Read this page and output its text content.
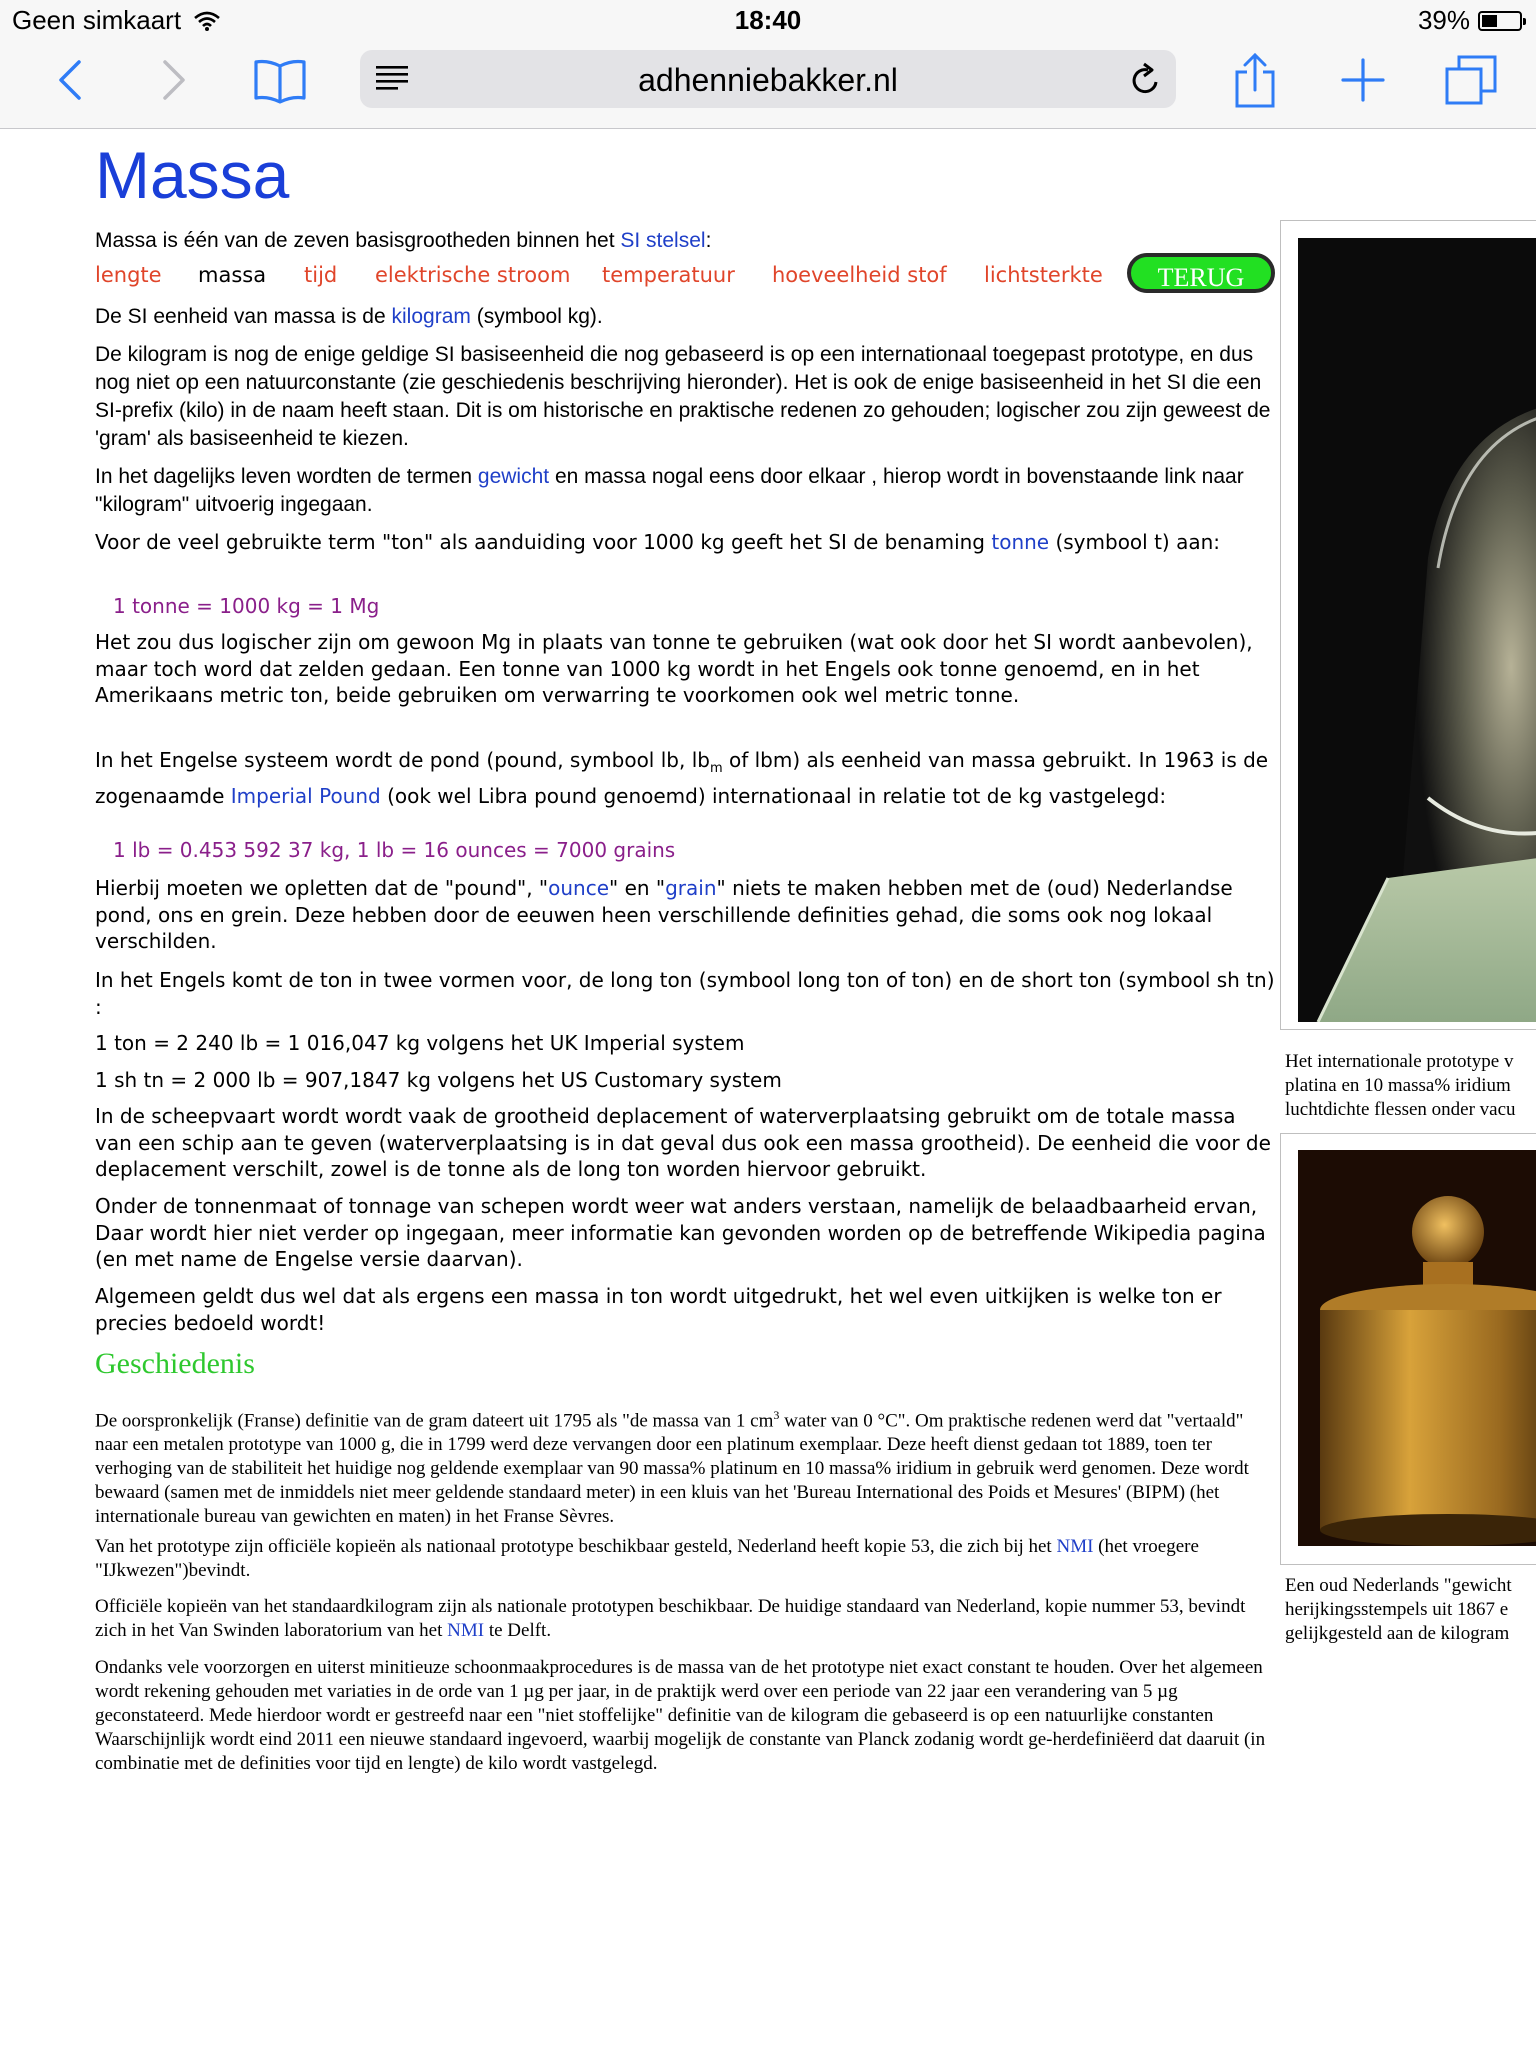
Geen simkaart	18:40	39%
adhenniebakker.nl
Massa

Massa is één van de zeven basisgrootheden binnen het SI stelsel:

lengte massa tijd elektrische stroom temperatuur hoeveelheid stof lichtsterkte	TERUG

De SI eenheid van massa is de kilogram (symbool kg).

De kilogram is nog de enige geldige SI basiseenheid die nog gebaseerd is op een internationaal toegepast prototype, en dus nog niet op een natuurconstante (zie geschiedenis beschrijving hieronder). Het is ook de enige basiseenheid in het SI die een SI-prefix (kilo) in de naam heeft staan. Dit is om historische en praktische redenen zo gehouden; logischer zou zijn geweest de 'gram' als basiseenheid te kiezen.

In het dagelijks leven wordten de termen gewicht en massa nogal eens door elkaar , hierop wordt in bovenstaande link naar "kilogram" uitvoerig ingegaan.

Voor de veel gebruikte term "ton" als aanduiding voor 1000 kg geeft het SI de benaming tonne (symbool t) aan:

1 tonne = 1000 kg = 1 Mg

Het zou dus logischer zijn om gewoon Mg in plaats van tonne te gebruiken (wat ook door het SI wordt aanbevolen), maar toch word dat zelden gedaan. Een tonne van 1000 kg wordt in het Engels ook tonne genoemd, en in het Amerikaans metric ton, beide gebruiken om verwarring te voorkomen ook wel metric tonne.

In het Engelse systeem wordt de pond (pound, symbool lb, $lb_m$ of lbm) als eenheid van massa gebruikt. In 1963 is de zogenaamde Imperial Pound (ook wel Libra pound genoemd) internationaal in relatie tot de kg vastgelegd:

1 lb = 0.453 592 37 kg, 1 lb = 16 ounces = 7000 grains

Hierbij moeten we opletten dat de "pound", "ounce" en "grain" niets te maken hebben met de (oud) Nederlandse pond, ons en grein. Deze hebben door de eeuwen heen verschillende definities gehad, die soms ook nog lokaal verschilden.

In het Engels komt de ton in twee vormen voor, de long ton (symbool long ton of ton) en de short ton (symbool sh tn) :

1 ton = 2 240 lb = 1 016,047 kg volgens het UK Imperial system

1 sh tn = 2 000 lb = 907,1847 kg volgens het US Customary system

In de scheepvaart wordt wordt vaak de grootheid deplacement of waterverplaatsing gebruikt om de totale massa van een schip aan te geven (waterverplaatsing is in dat geval dus ook een massa grootheid). De eenheid die voor de deplacement verschilt, zowel is de tonne als de long ton worden hiervoor gebruikt.

Onder de tonnenmaat of tonnage van schepen wordt weer wat anders verstaan, namelijk de belaadbaarheid ervan, Daar wordt hier niet verder op ingegaan, meer informatie kan gevonden worden op de betreffende Wikipedia pagina (en met name de Engelse versie daarvan).

Algemeen geldt dus wel dat als ergens een massa in ton wordt uitgedrukt, het wel even uitkijken is welke ton er precies bedoeld wordt!

Geschiedenis

De oorspronkelijk (Franse) definitie van de gram dateert uit 1795 als "de massa van 1 $cm^3$ water van 0 °C". Om praktische redenen werd dat "vertaald" naar een metalen prototype van 1000 g, die in 1799 werd deze vervangen door een platinum exemplaar. Deze heeft dienst gedaan tot 1889, toen ter verhoging van de stabiliteit het huidige nog geldende exemplaar van 90 massa% platinum en 10 massa% iridium in gebruik werd genomen. Deze wordt bewaard (samen met de inmiddels niet meer geldende standaard meter) in een kluis van het 'Bureau International des Poids et Mesures' (BIPM) (het internationale bureau van gewichten en maten) in het Franse Sèvres.

Van het prototype zijn officiële kopieën als nationaal prototype beschikbaar gesteld, Nederland heeft kopie 53, die zich bij het NMI (het vroegere "IJkwezen")bevindt.

Officiële kopieën van het standaardkilogram zijn als nationale prototypen beschikbaar. De huidige standaard van Nederland, kopie nummer 53, bevindt zich in het Van Swinden laboratorium van het NMI te Delft.

Ondanks vele voorzorgen en uiterst minitieuze schoonmaakprocedures is de massa van de het prototype niet exact constant te houden. Over het algemeen wordt rekening gehouden met variaties in de orde van 1 µg per jaar, in de praktijk werd over een periode van 22 jaar een verandering van 5 µg geconstateerd. Mede hierdoor wordt er gestreefd naar een "niet stoffelijke" definitie van de kilogram die gebaseerd is op een natuurlijke constanten Waarschijnlijk wordt eind 2011 een nieuwe standaard ingevoerd, waarbij mogelijk de constante van Planck zodanig wordt ge-herdefiniëerd dat daaruit (in combinatie met de definities voor tijd en lengte) de kilo wordt vastgelegd.

Het internationale prototype v
platina en 10 massa% iridium
luchtdichte flessen onder vacu
Een oud Nederlands "gewicht
herijkingsstempels uit 1867 e
gelijkgesteld aan de kilogram
